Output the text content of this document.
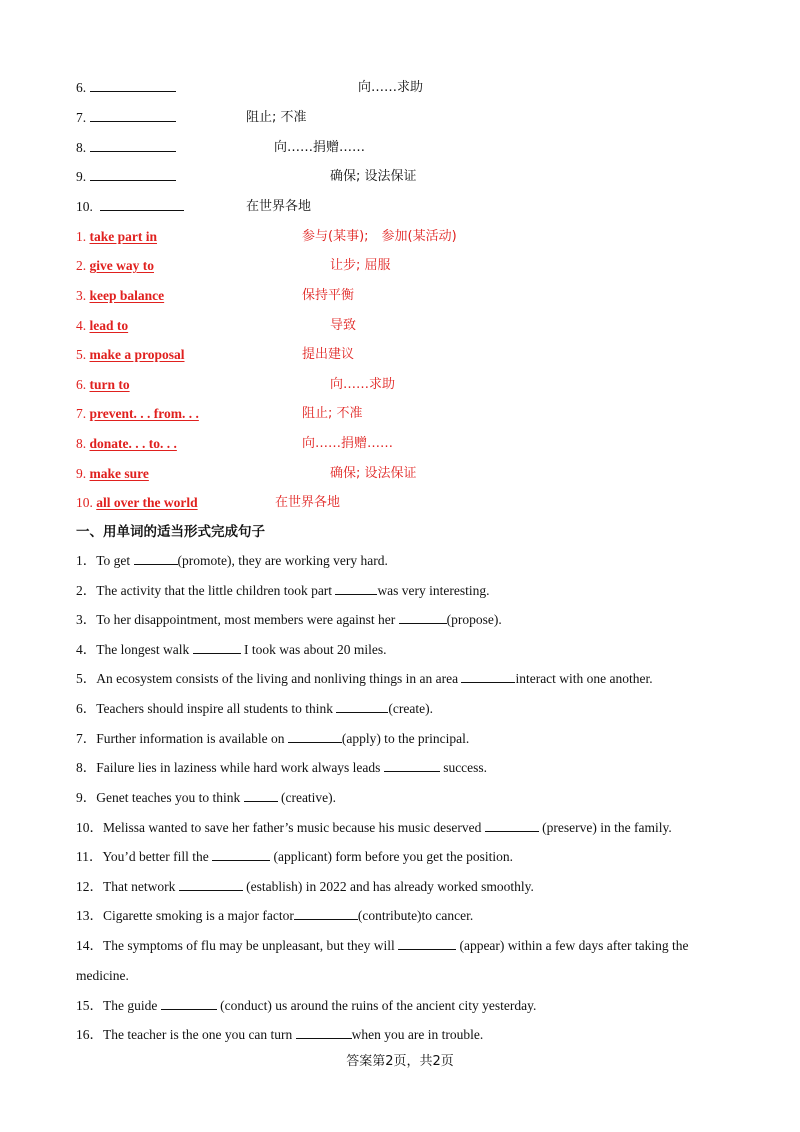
6.	向……求助
7.	阻止; 不准
8.	向……捐赠……
9.	确保; 设法保证
10.	在世界各地
1. take part in	参与(某事);　参加(某活动)
2. give way to	让步; 屈服
3. keep balance	保持平衡
4. lead to	导致
5. make a proposal	提出建议
6. turn to	向……求助
7. prevent. . . from. . .	阻止; 不准
8. donate. . . to. . .	向……捐赠……
9. make sure	确保; 设法保证
10. all over the world	在世界各地
一、用单词的适当形式完成句子
1．To get	(promote), they are working very hard.
2．The activity that the little children took part	was very interesting.
3．To her disappointment, most members were against her	(propose).
4．The longest walk	I took was about 20 miles.
5．An ecosystem consists of the living and nonliving things in an area	interact with one another.
6．Teachers should inspire all students to think	(create).
7．Further information is available on	(apply) to the principal.
8．Failure lies in laziness while hard work always leads	success.
9．Genet teaches you to think	(creative).
10．Melissa wanted to save her father’s music because his music deserved	(preserve) in the family.
11．You’d better fill the	(applicant) form before you get the position.
12．That network	(establish) in 2022 and has already worked smoothly.
13．Cigarette smoking is a major factor	(contribute)to cancer.
14．The symptoms of flu may be unpleasant, but they will	(appear) within a few days after taking the
medicine.
15．The guide	(conduct) us around the ruins of the ancient city yesterday.
16．The teacher is the one you can turn	when you are in trouble.
答案第2页，共2页
